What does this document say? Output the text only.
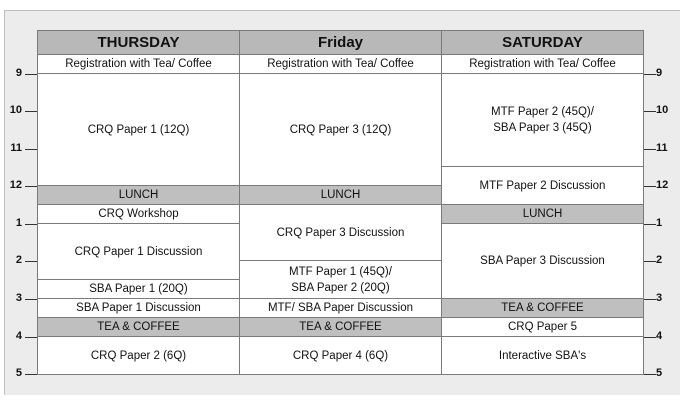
THURSDAY	Friday	SATURDAY
Registration with Tea/ Coffee
CRQ Paper 1 (12Q)
LUNCH
CRQ Workshop
CRQ Paper 1 Discussion
SBA Paper 1 (20Q)
SBA Paper 1 Discussion
TEA & COFFEE
CRQ Paper 2 (6Q)
Registration with Tea/ Coffee
CRQ Paper 3 (12Q)
LUNCH
CRQ Paper 3 Discussion
MTF Paper 1 (45Q)/
SBA Paper 2 (20Q)
MTF/ SBA Paper Discussion
TEA & COFFEE
CRQ Paper 4 (6Q)
Registration with Tea/ Coffee
MTF Paper 2 (45Q)/
SBA Paper 3 (45Q)
MTF Paper 2 Discussion
LUNCH
SBA Paper 3 Discussion
TEA & COFFEE
CRQ Paper 5
Interactive SBA's
9
10
11
12
1
2
3
4
5
9
10
11
12
1
2
3
4
5
